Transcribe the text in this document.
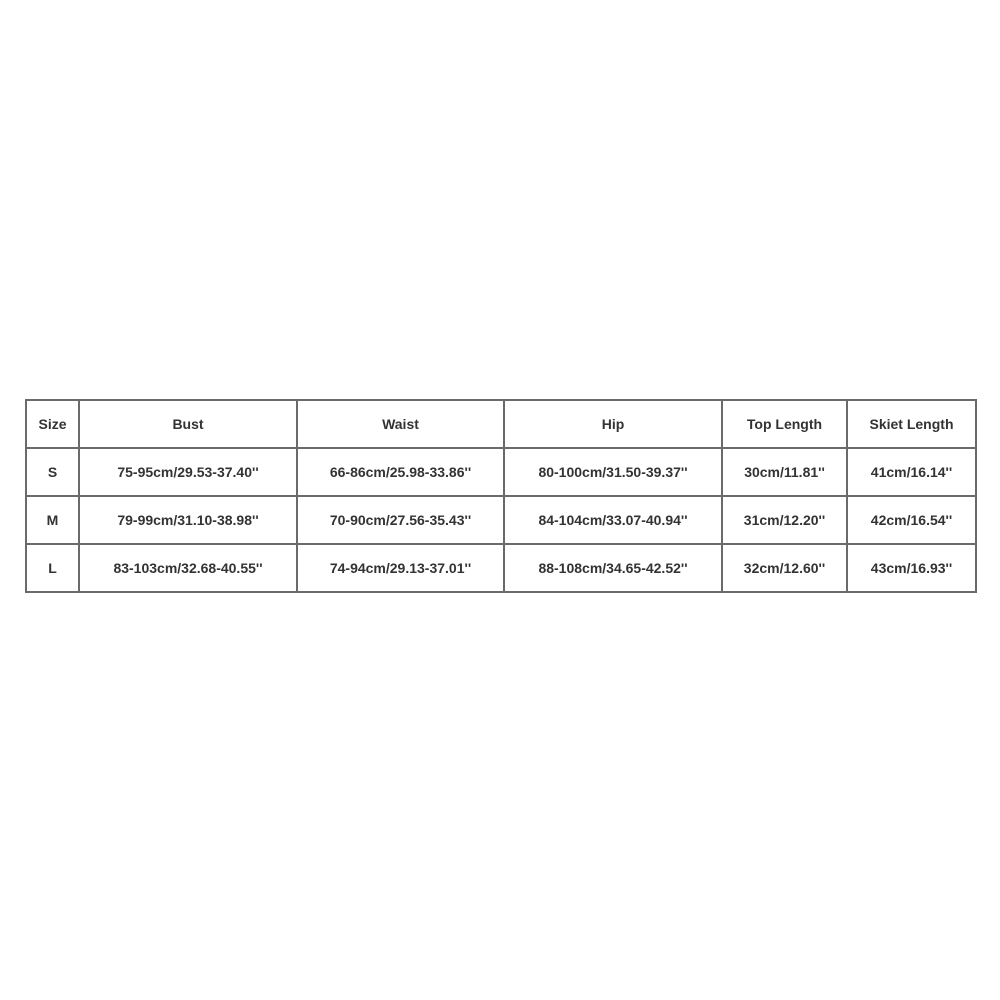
Size	Bust	Waist	Hip	Top Length	Skiet Length
S	75-95cm/29.53-37.40''	66-86cm/25.98-33.86''	80-100cm/31.50-39.37''	30cm/11.81''	41cm/16.14''
M	79-99cm/31.10-38.98''	70-90cm/27.56-35.43''	84-104cm/33.07-40.94''	31cm/12.20''	42cm/16.54''
L	83-103cm/32.68-40.55''	74-94cm/29.13-37.01''	88-108cm/34.65-42.52''	32cm/12.60''	43cm/16.93''
